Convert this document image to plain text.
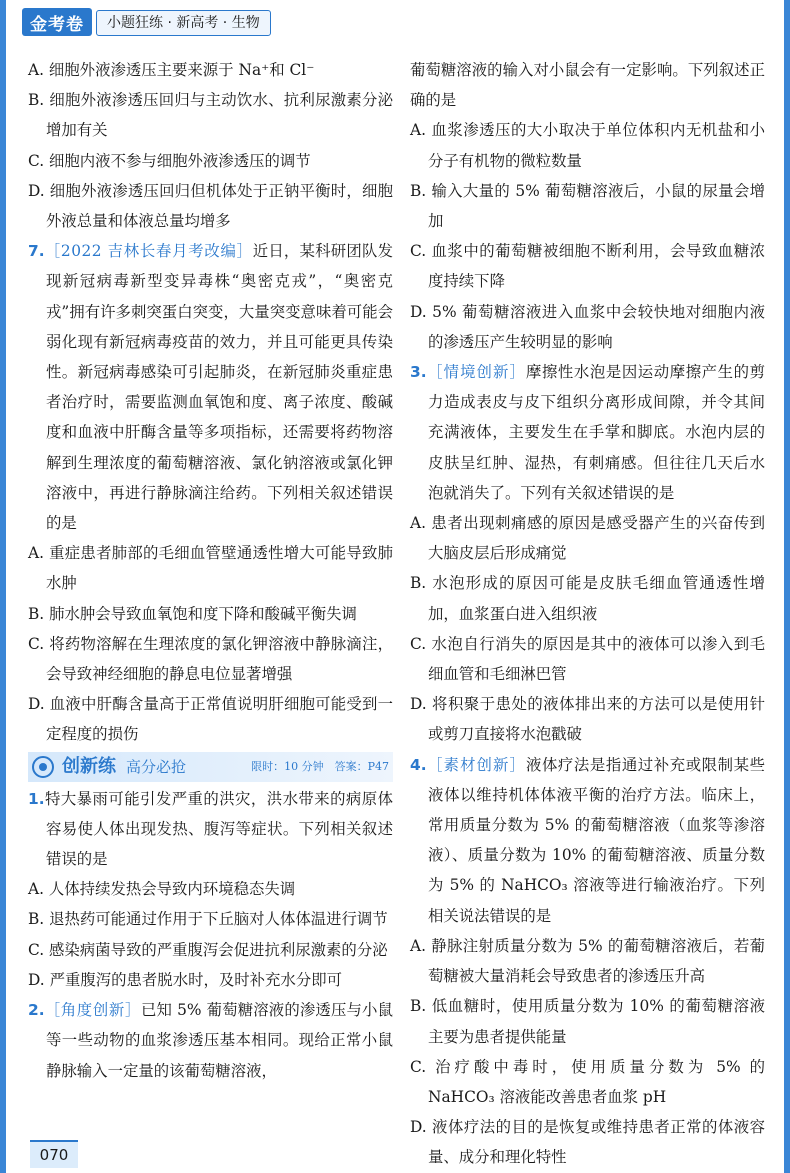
金考卷	小题狂练 · 新高考 · 生物
A. 细胞外液渗透压主要来源于 Na⁺和 Cl⁻
B. 细胞外液渗透压回归与主动饮水、抗利尿激素分泌增加有关
C. 细胞内液不参与细胞外液渗透压的调节
D. 细胞外液渗透压回归但机体处于正钠平衡时，细胞外液总量和体液总量均增多
7.［2022 吉林长春月考改编］近日，某科研团队发现新冠病毒新型变异毒株“奥密克戎”，“奥密克戎”拥有许多刺突蛋白突变，大量突变意味着可能会弱化现有新冠病毒疫苗的效力，并且可能更具传染性。新冠病毒感染可引起肺炎，在新冠肺炎重症患者治疗时，需要监测血氧饱和度、离子浓度、酸碱度和血液中肝酶含量等多项指标，还需要将药物溶解到生理浓度的葡萄糖溶液、氯化钠溶液或氯化钾溶液中，再进行静脉滴注给药。下列相关叙述错误的是
A. 重症患者肺部的毛细血管壁通透性增大可能导致肺水肿
B. 肺水肿会导致血氧饱和度下降和酸碱平衡失调
C. 将药物溶解在生理浓度的氯化钾溶液中静脉滴注，会导致神经细胞的静息电位显著增强
D. 血液中肝酶含量高于正常值说明肝细胞可能受到一定程度的损伤
创新练 高分必抢	限时：10 分钟　答案：P47
1.特大暴雨可能引发严重的洪灾，洪水带来的病原体容易使人体出现发热、腹泻等症状。下列相关叙述错误的是
A. 人体持续发热会导致内环境稳态失调
B. 退热药可能通过作用于下丘脑对人体体温进行调节
C. 感染病菌导致的严重腹泻会促进抗利尿激素的分泌
D. 严重腹泻的患者脱水时，及时补充水分即可
2.［角度创新］已知 5% 葡萄糖溶液的渗透压与小鼠等一些动物的血浆渗透压基本相同。现给正常小鼠静脉输入一定量的该葡萄糖溶液，
葡萄糖溶液的输入对小鼠会有一定影响。下列叙述正确的是
A. 血浆渗透压的大小取决于单位体积内无机盐和小分子有机物的微粒数量
B. 输入大量的 5% 葡萄糖溶液后，小鼠的尿量会增加
C. 血浆中的葡萄糖被细胞不断利用，会导致血糖浓度持续下降
D. 5% 葡萄糖溶液进入血浆中会较快地对细胞内液的渗透压产生较明显的影响
3.［情境创新］摩擦性水泡是因运动摩擦产生的剪力造成表皮与皮下组织分离形成间隙，并令其间充满液体，主要发生在手掌和脚底。水泡内层的皮肤呈红肿、湿热，有刺痛感。但往往几天后水泡就消失了。下列有关叙述错误的是
A. 患者出现刺痛感的原因是感受器产生的兴奋传到大脑皮层后形成痛觉
B. 水泡形成的原因可能是皮肤毛细血管通透性增加，血浆蛋白进入组织液
C. 水泡自行消失的原因是其中的液体可以渗入到毛细血管和毛细淋巴管
D. 将积聚于患处的液体排出来的方法可以是使用针或剪刀直接将水泡戳破
4.［素材创新］液体疗法是指通过补充或限制某些液体以维持机体体液平衡的治疗方法。临床上，常用质量分数为 5% 的葡萄糖溶液（血浆等渗溶液）、质量分数为 10% 的葡萄糖溶液、质量分数为 5% 的 NaHCO₃ 溶液等进行输液治疗。下列相关说法错误的是
A. 静脉注射质量分数为 5% 的葡萄糖溶液后，若葡萄糖被大量消耗会导致患者的渗透压升高
B. 低血糖时，使用质量分数为 10% 的葡萄糖溶液主要为患者提供能量
C. 治疗酸中毒时，使用质量分数为 5% 的 NaHCO₃ 溶液能改善患者血浆 pH
D. 液体疗法的目的是恢复或维持患者正常的体液容量、成分和理化特性
070
